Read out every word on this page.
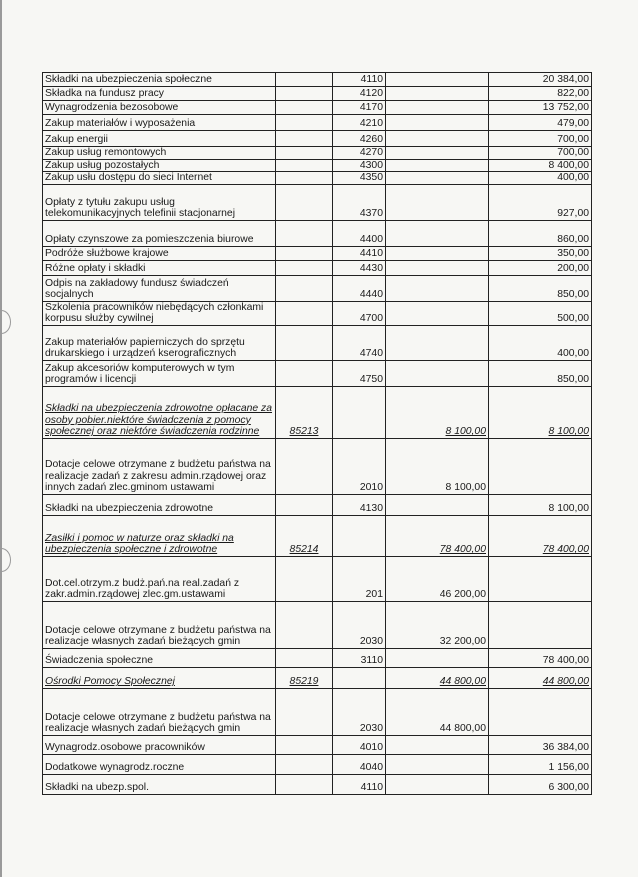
Składki na ubezpieczenia społeczne		4110		20 384,00
Składka na fundusz pracy		4120		822,00
Wynagrodzenia bezosobowe		4170		13 752,00
Zakup materiałów i wyposażenia		4210		479,00
Zakup energii		4260		700,00
Zakup usług remontowych		4270		700,00
Zakup usług pozostałych		4300		8 400,00
Zakup usłu dostępu do sieci Internet		4350		400,00
Opłaty z tytułu zakupu usług telekomunikacyjnych telefinii stacjonarnej		4370		927,00
Opłaty czynszowe za pomieszczenia biurowe		4400		860,00
Podróże służbowe krajowe		4410		350,00
Różne opłaty i składki		4430		200,00
Odpis na zakładowy fundusz świadczeń socjalnych		4440		850,00
Szkolenia pracowników niebędących członkami korpusu służby cywilnej		4700		500,00
Zakup materiałów papierniczych do sprzętu drukarskiego i urządzeń kserograficznych		4740		400,00
Zakup akcesoriów komputerowych w tym programów i licencji		4750		850,00
Składki na ubezpieczenia zdrowotne opłacane za osoby pobier.niektóre świadczenia z pomocy społecznej oraz niektóre świadczenia rodzinne	85213		8 100,00	8 100,00
Dotacje celowe otrzymane z budżetu państwa na realizacje zadań z zakresu admin.rządowej oraz innych zadań zlec.gminom ustawami		2010	8 100,00	
Składki na ubezpieczenia zdrowotne		4130		8 100,00
Zasiłki i pomoc w naturze oraz składki na ubezpieczenia społeczne i zdrowotne	85214		78 400,00	78 400,00
Dot.cel.otrzym.z budż.pań.na real.zadań z zakr.admin.rządowej zlec.gm.ustawami		201	46 200,00	
Dotacje celowe otrzymane z budżetu państwa na realizacje własnych zadań bieżących gmin		2030	32 200,00	
Świadczenia społeczne		3110		78 400,00
Ośrodki Pomocy Społecznej	85219		44 800,00	44 800,00
Dotacje celowe otrzymane z budżetu państwa na realizacje własnych zadań bieżących gmin		2030	44 800,00	
Wynagrodz.osobowe pracowników		4010		36 384,00
Dodatkowe wynagrodz.roczne		4040		1 156,00
Składki na ubezp.spol.		4110		6 300,00
